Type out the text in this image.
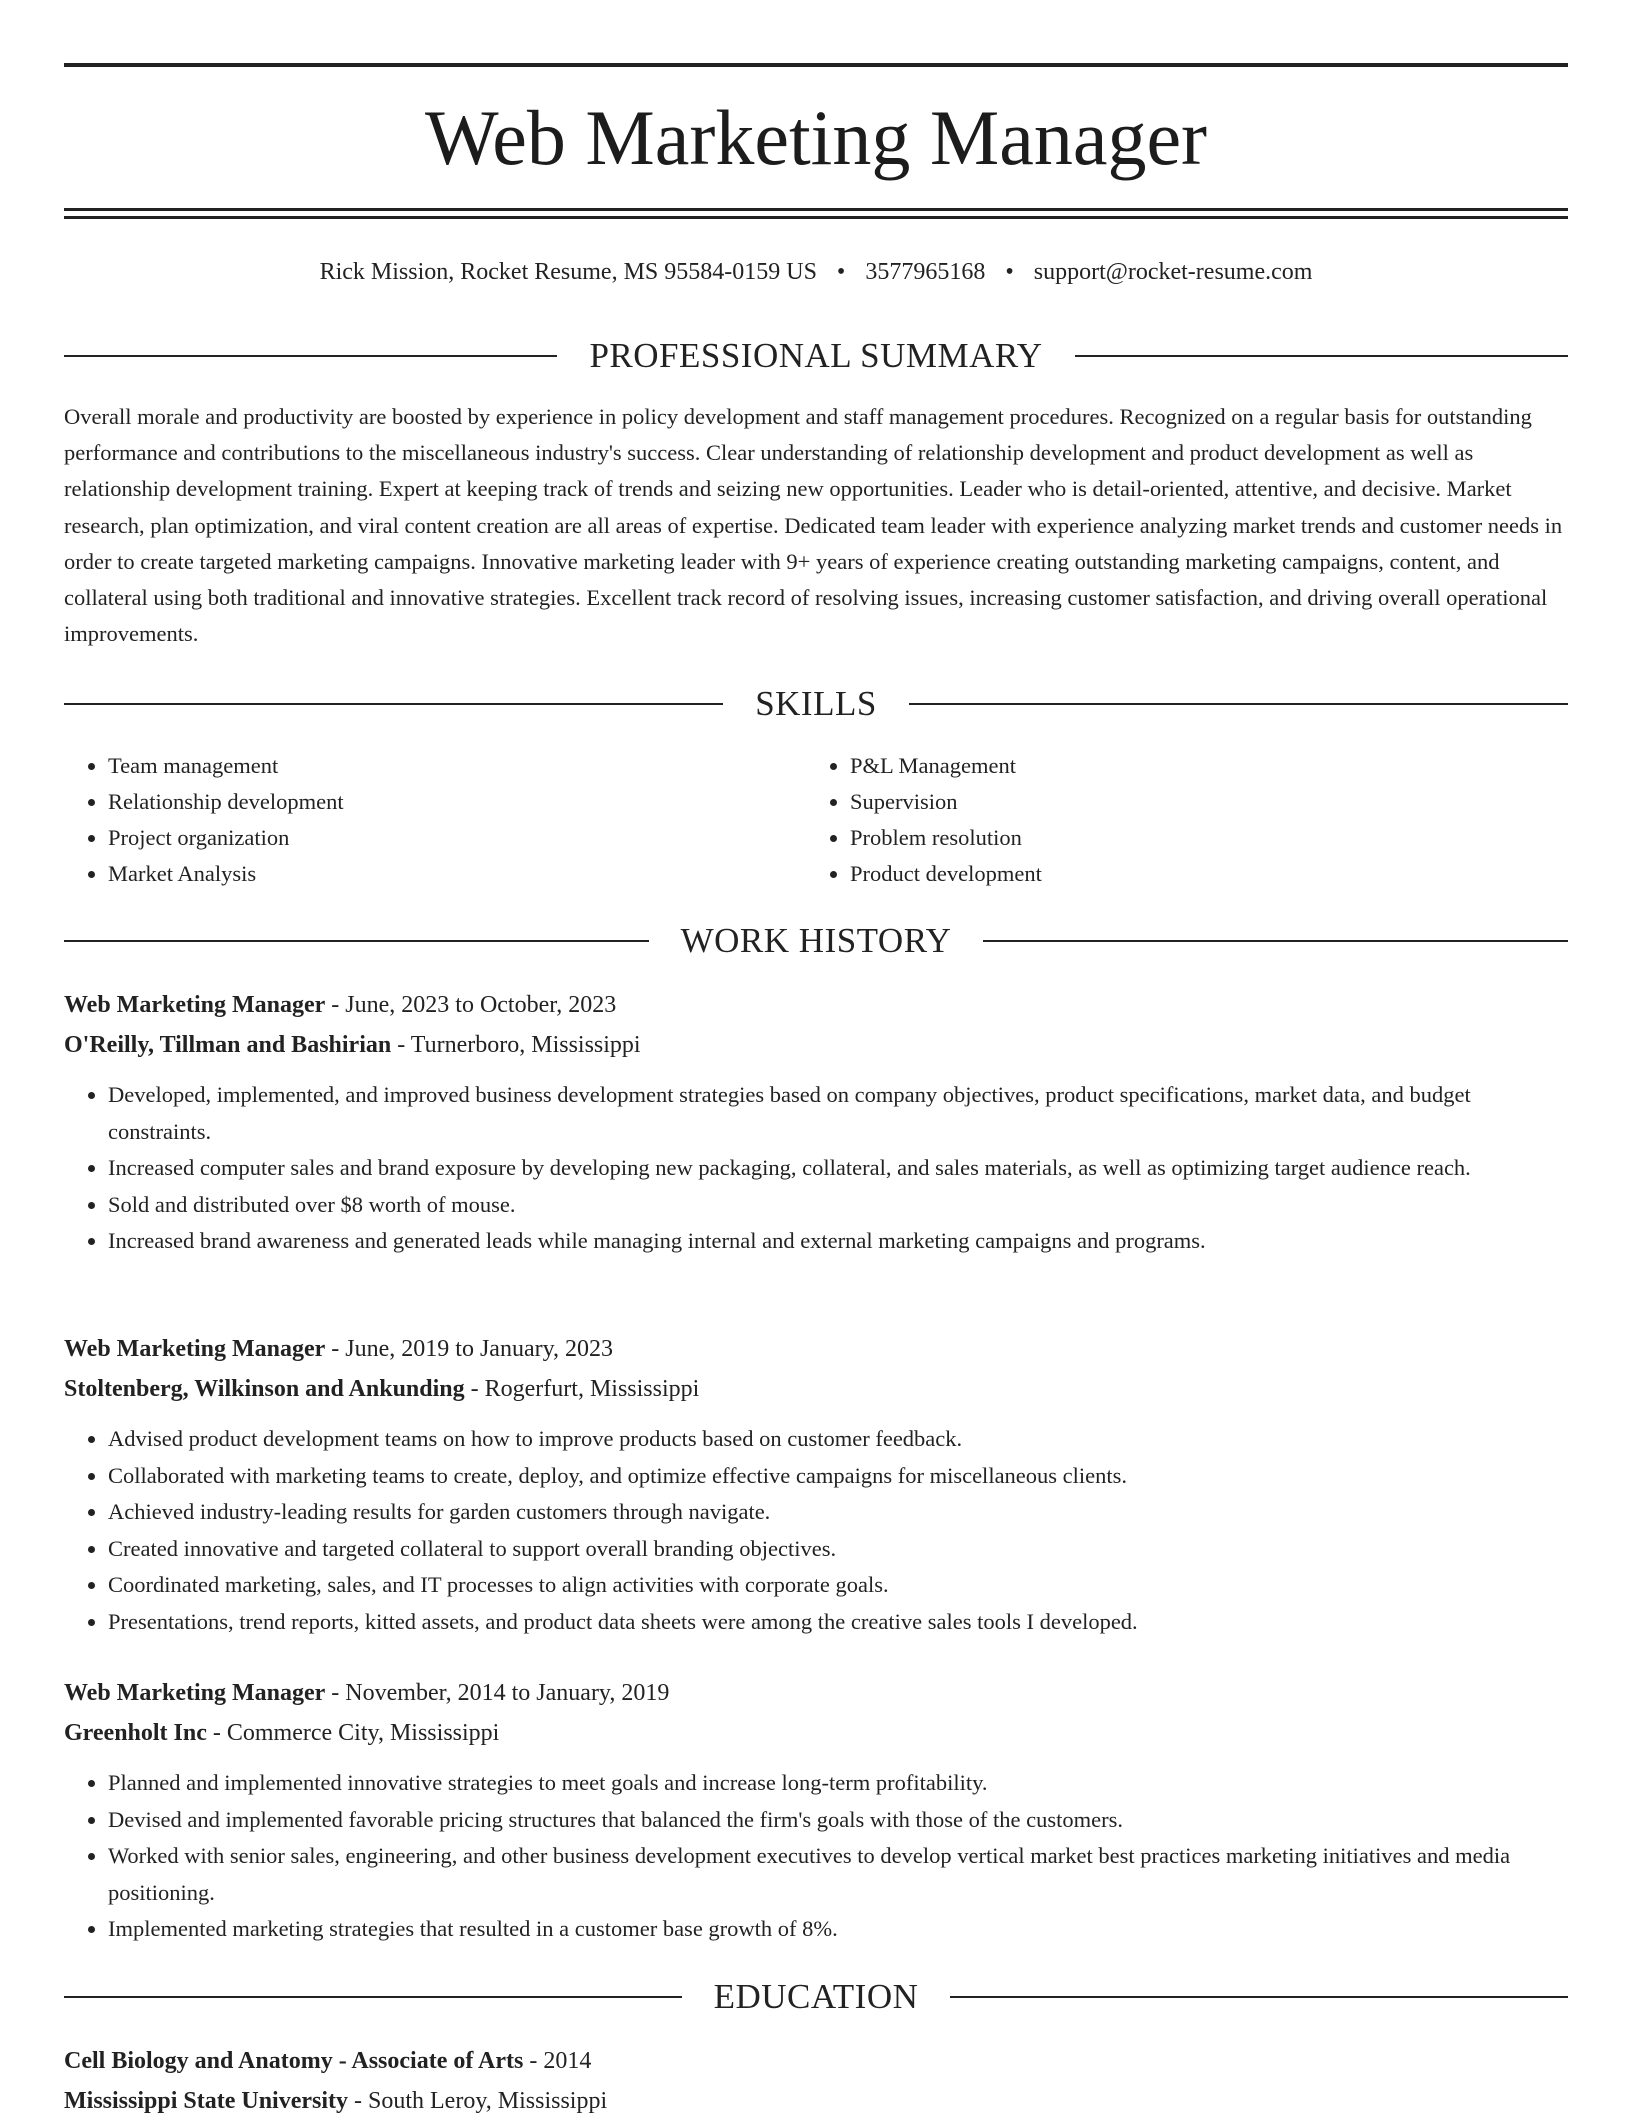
Web Marketing Manager
Rick Mission, Rocket Resume, MS 95584-0159 US • 3577965168 • support@rocket-resume.com
PROFESSIONAL SUMMARY

Overall morale and productivity are boosted by experience in policy development and staff management procedures. Recognized on a regular basis for outstanding performance and contributions to the miscellaneous industry's success. Clear understanding of relationship development and product development as well as relationship development training. Expert at keeping track of trends and seizing new opportunities. Leader who is detail-oriented, attentive, and decisive. Market research, plan optimization, and viral content creation are all areas of expertise. Dedicated team leader with experience analyzing market trends and customer needs in order to create targeted marketing campaigns. Innovative marketing leader with 9+ years of experience creating outstanding marketing campaigns, content, and collateral using both traditional and innovative strategies. Excellent track record of resolving issues, increasing customer satisfaction, and driving overall operational improvements.

SKILLS
• Team management
• Relationship development
• Project organization
• Market Analysis
• P&L Management
• Supervision
• Problem resolution
• Product development
WORK HISTORY
Web Marketing Manager - June, 2023 to October, 2023
O'Reilly, Tillman and Bashirian - Turnerboro, Mississippi
• Developed, implemented, and improved business development strategies based on company objectives, product specifications, market data, and budget constraints.
• Increased computer sales and brand exposure by developing new packaging, collateral, and sales materials, as well as optimizing target audience reach.
• Sold and distributed over $8 worth of mouse.
• Increased brand awareness and generated leads while managing internal and external marketing campaigns and programs.
Web Marketing Manager - June, 2019 to January, 2023
Stoltenberg, Wilkinson and Ankunding - Rogerfurt, Mississippi
• Advised product development teams on how to improve products based on customer feedback.
• Collaborated with marketing teams to create, deploy, and optimize effective campaigns for miscellaneous clients.
• Achieved industry-leading results for garden customers through navigate.
• Created innovative and targeted collateral to support overall branding objectives.
• Coordinated marketing, sales, and IT processes to align activities with corporate goals.
• Presentations, trend reports, kitted assets, and product data sheets were among the creative sales tools I developed.
Web Marketing Manager - November, 2014 to January, 2019
Greenholt Inc - Commerce City, Mississippi
• Planned and implemented innovative strategies to meet goals and increase long-term profitability.
• Devised and implemented favorable pricing structures that balanced the firm's goals with those of the customers.
• Worked with senior sales, engineering, and other business development executives to develop vertical market best practices marketing initiatives and media positioning.
• Implemented marketing strategies that resulted in a customer base growth of 8%.
EDUCATION
Cell Biology and Anatomy - Associate of Arts - 2014
Mississippi State University - South Leroy, Mississippi
